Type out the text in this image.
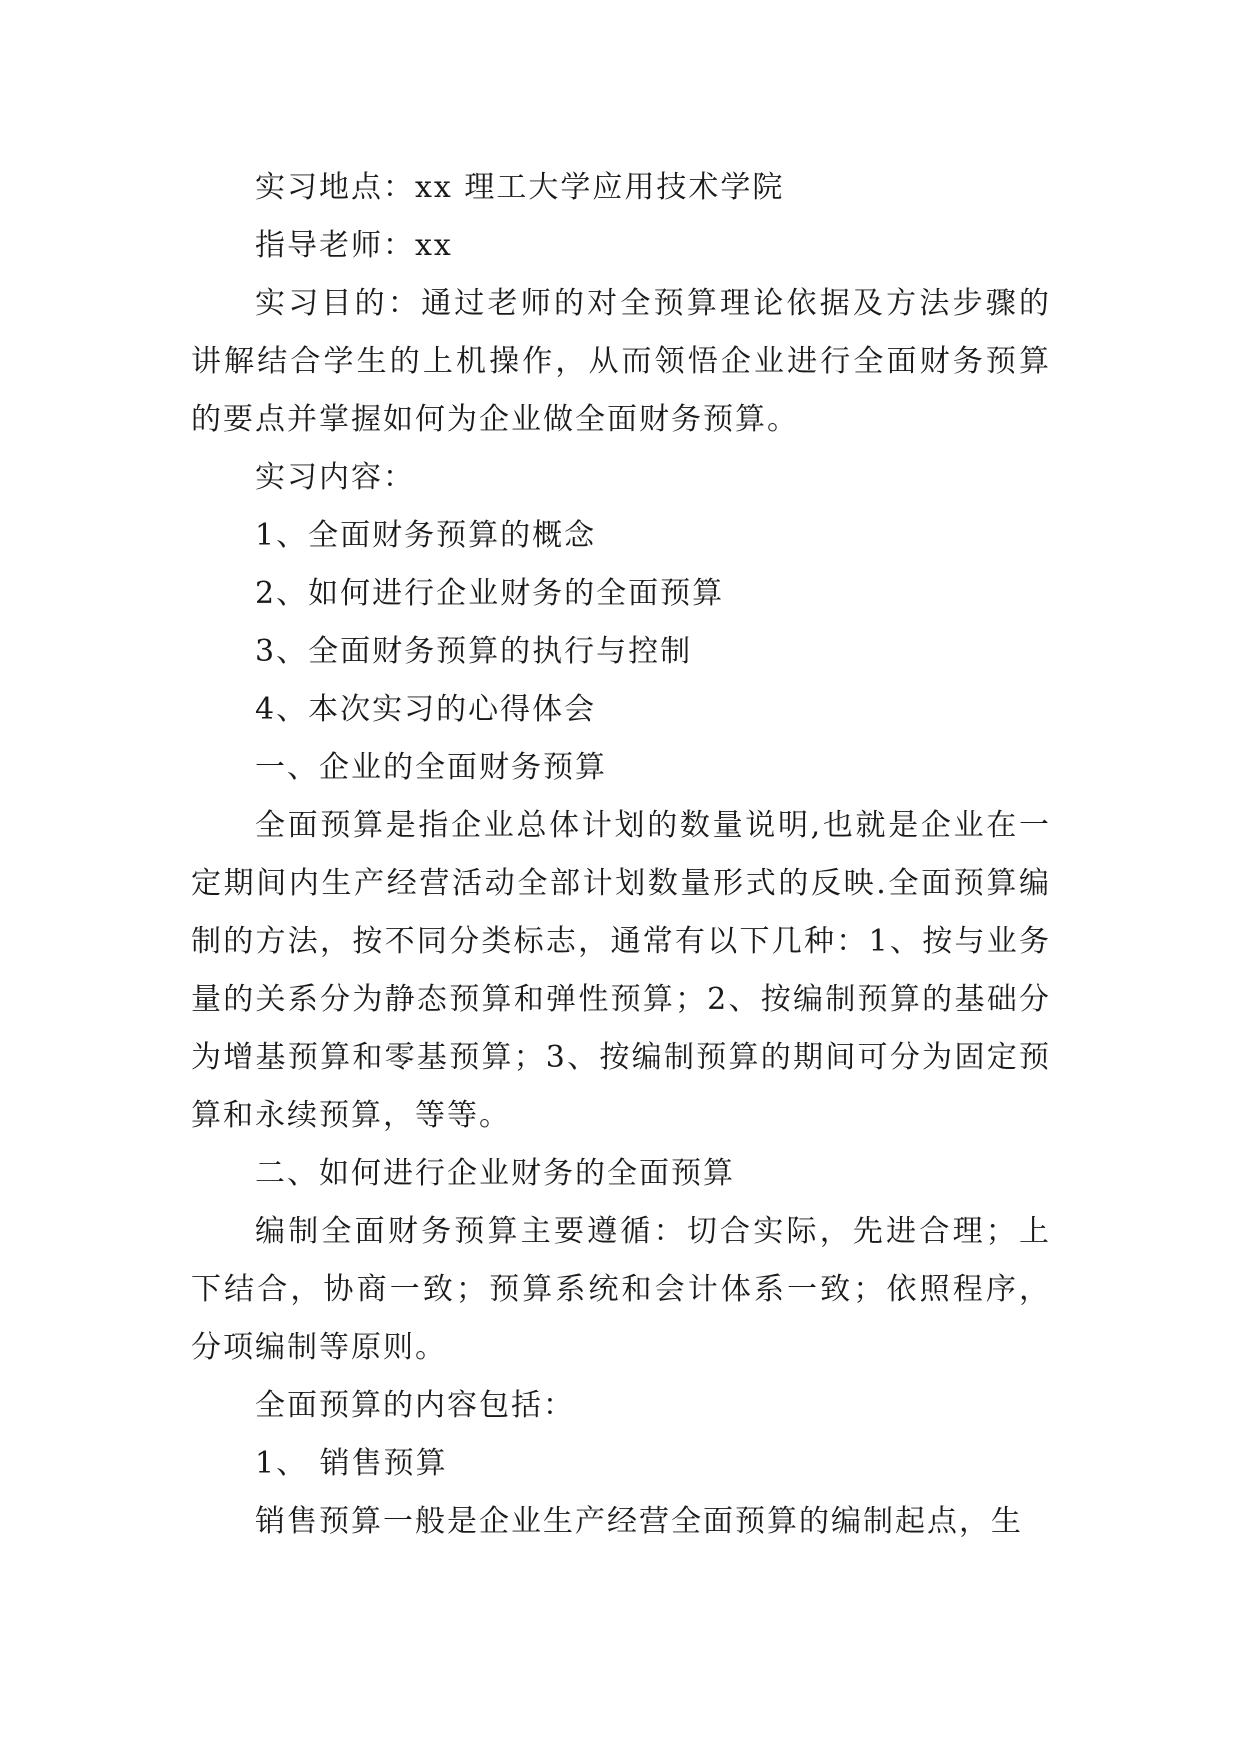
实习地点：xx 理工大学应用技术学院

指导老师：xx

实习目的：通过老师的对全预算理论依据及方法步骤的讲解结合学生的上机操作，从而领悟企业进行全面财务预算的要点并掌握如何为企业做全面财务预算。

实习内容：

1、全面财务预算的概念

2、如何进行企业财务的全面预算

3、全面财务预算的执行与控制

4、本次实习的心得体会

一、企业的全面财务预算

全面预算是指企业总体计划的数量说明,也就是企业在一定期间内生产经营活动全部计划数量形式的反映.全面预算编制的方法，按不同分类标志，通常有以下几种：1、按与业务量的关系分为静态预算和弹性预算；2、按编制预算的基础分为增基预算和零基预算；3、按编制预算的期间可分为固定预算和永续预算，等等。

二、如何进行企业财务的全面预算

编制全面财务预算主要遵循：切合实际，先进合理；上下结合，协商一致；预算系统和会计体系一致；依照程序，分项编制等原则。

全面预算的内容包括：

1、 销售预算

销售预算一般是企业生产经营全面预算的编制起点，生
